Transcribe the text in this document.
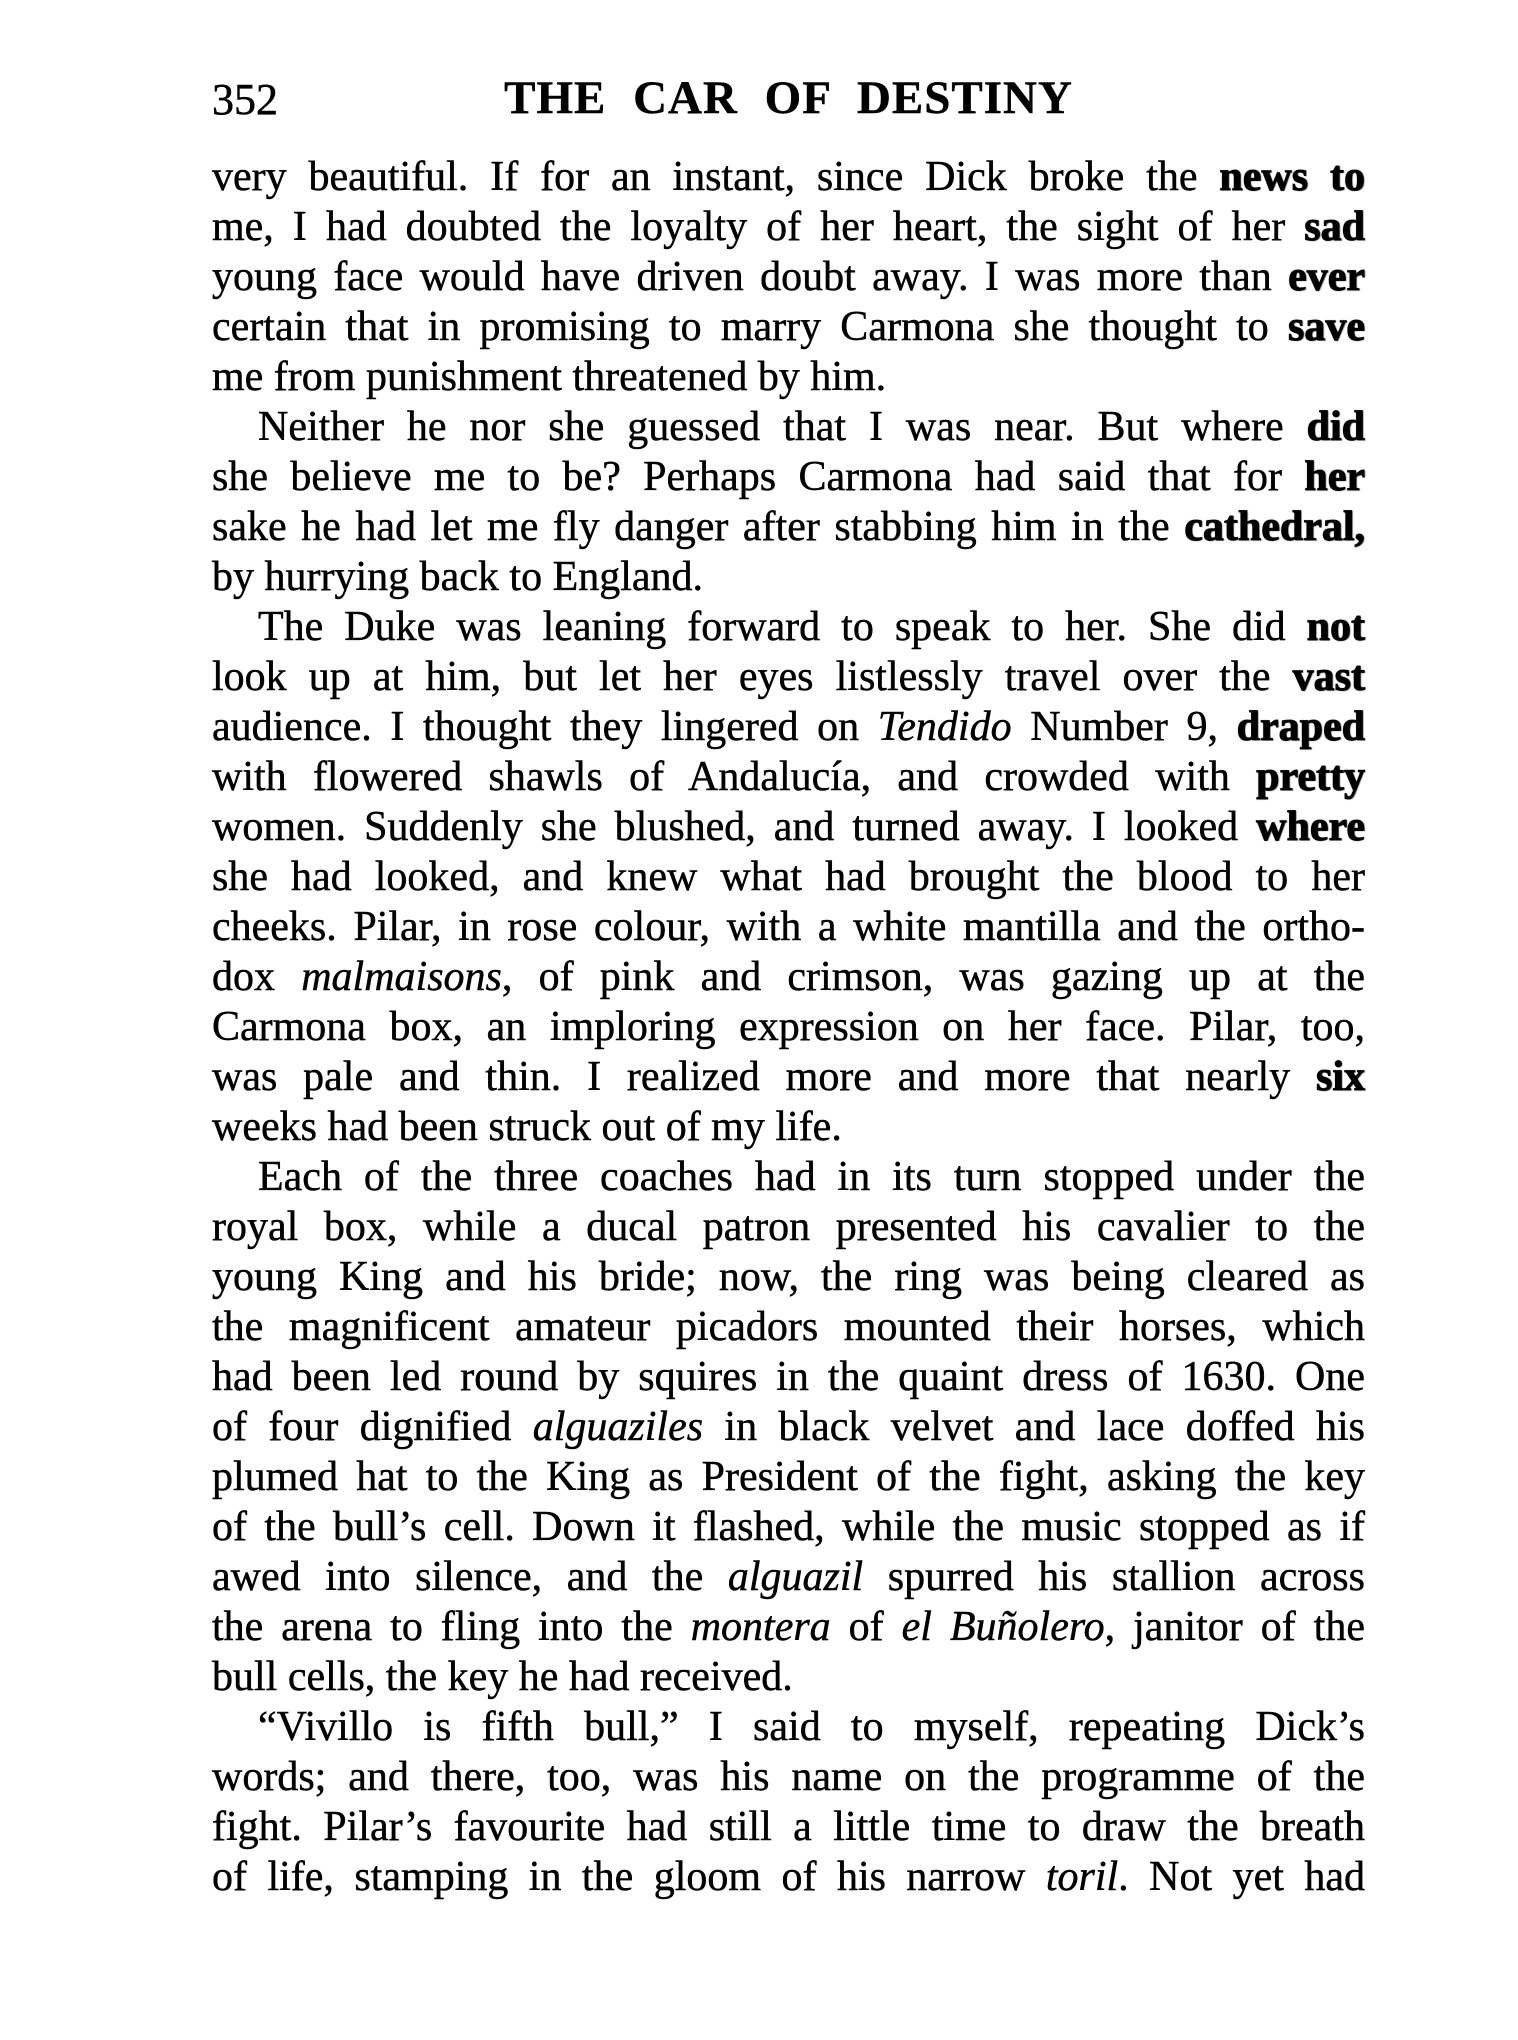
352	THE CAR OF DESTINY
very beautiful. If for an instant, since Dick broke the news to
me, I had doubted the loyalty of her heart, the sight of her sad
young face would have driven doubt away. I was more than ever
certain that in promising to marry Carmona she thought to save
me from punishment threatened by him.
Neither he nor she guessed that I was near. But where did
she believe me to be? Perhaps Carmona had said that for her
sake he had let me fly danger after stabbing him in the cathedral,
by hurrying back to England.
The Duke was leaning forward to speak to her. She did not
look up at him, but let her eyes listlessly travel over the vast
audience. I thought they lingered on Tendido Number 9, draped
with flowered shawls of Andalucía, and crowded with pretty
women. Suddenly she blushed, and turned away. I looked where
she had looked, and knew what had brought the blood to her
cheeks. Pilar, in rose colour, with a white mantilla and the ortho-
dox malmaisons, of pink and crimson, was gazing up at the
Carmona box, an imploring expression on her face. Pilar, too,
was pale and thin. I realized more and more that nearly six
weeks had been struck out of my life.
Each of the three coaches had in its turn stopped under the
royal box, while a ducal patron presented his cavalier to the
young King and his bride; now, the ring was being cleared as
the magnificent amateur picadors mounted their horses, which
had been led round by squires in the quaint dress of 1630. One
of four dignified alguaziles in black velvet and lace doffed his
plumed hat to the King as President of the fight, asking the key
of the bull’s cell. Down it flashed, while the music stopped as if
awed into silence, and the alguazil spurred his stallion across
the arena to fling into the montera of el Buñolero, janitor of the
bull cells, the key he had received.
“Vivillo is fifth bull,” I said to myself, repeating Dick’s
words; and there, too, was his name on the programme of the
fight. Pilar’s favourite had still a little time to draw the breath
of life, stamping in the gloom of his narrow toril. Not yet had
